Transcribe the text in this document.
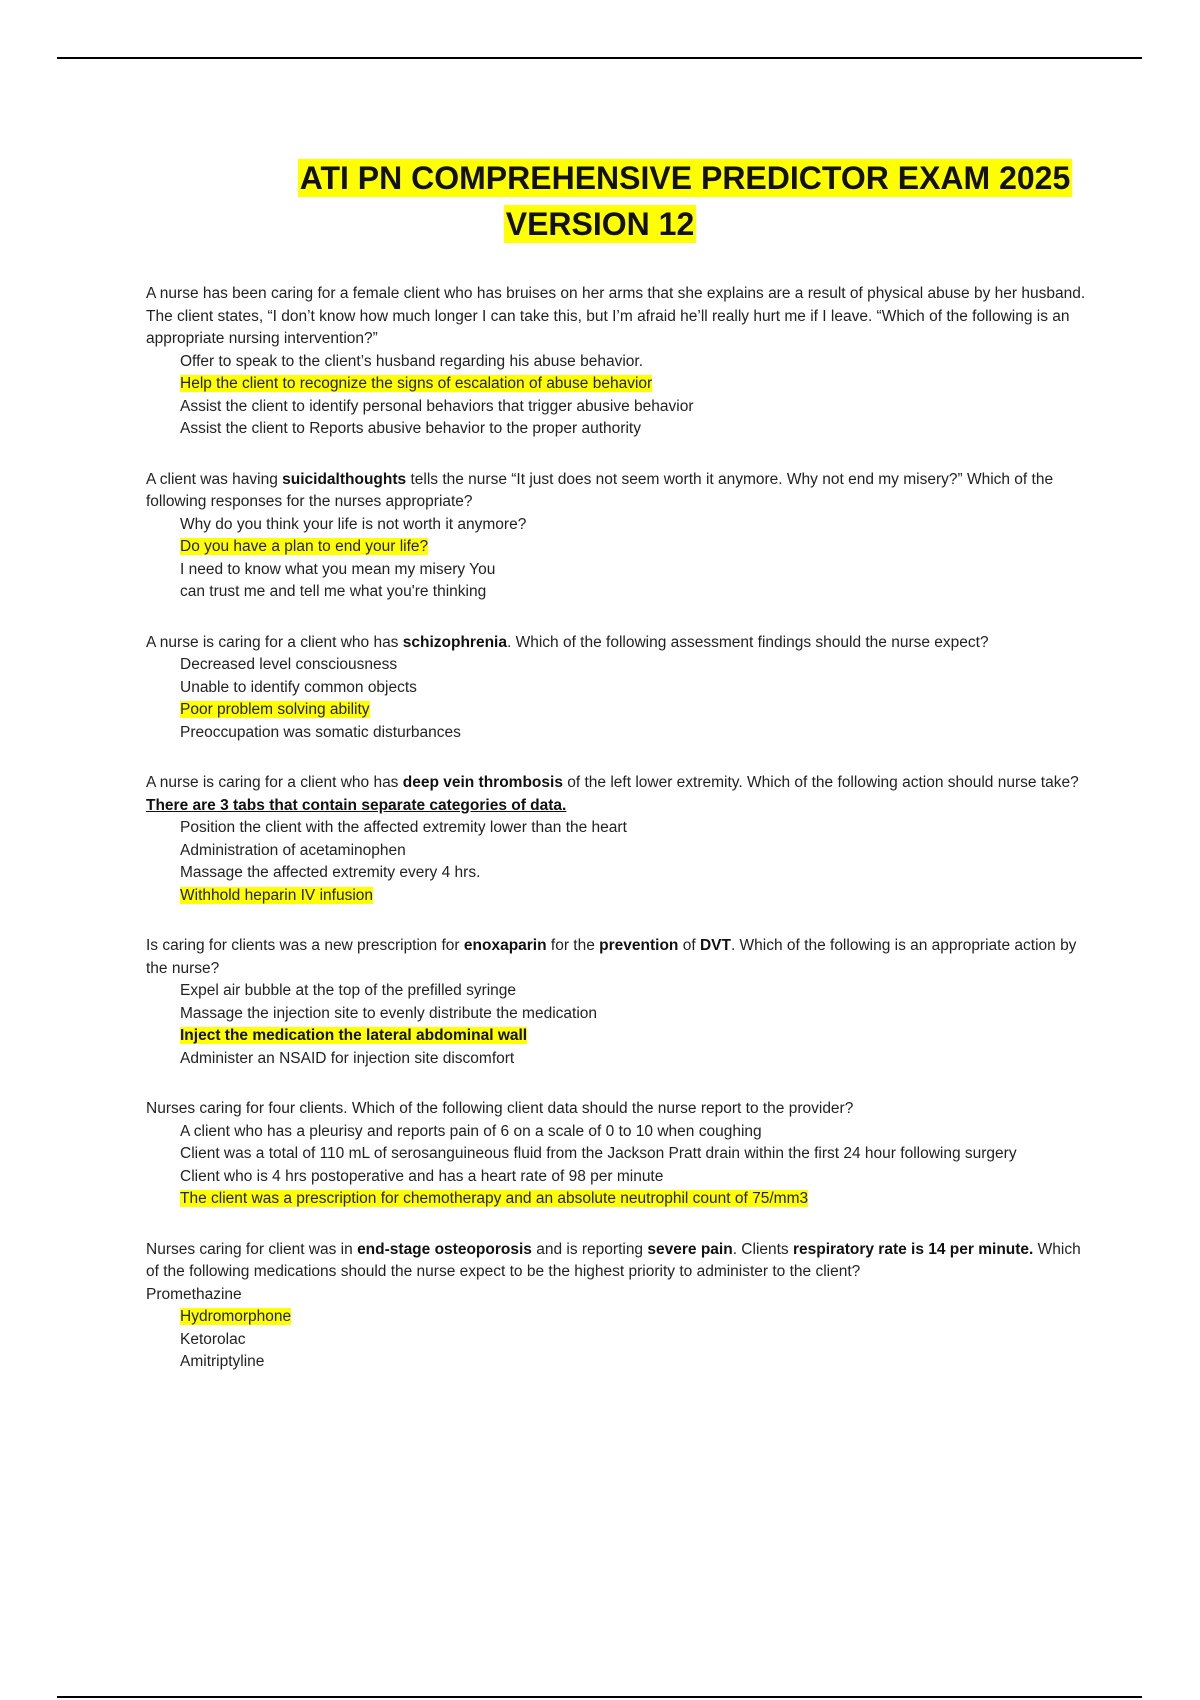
ATI PN COMPREHENSIVE PREDICTOR EXAM 2025
VERSION 12
A nurse has been caring for a female client who has bruises on her arms that she explains are a result of physical abuse by her husband. The client states, “I don’t know how much longer I can take this, but I’m afraid he’ll really hurt me if I leave. “Which of the following is an appropriate nursing intervention?”
Offer to speak to the client’s husband regarding his abuse behavior.
Help the client to recognize the signs of escalation of abuse behavior
Assist the client to identify personal behaviors that trigger abusive behavior
Assist the client to Reports abusive behavior to the proper authority
A client was having suicidalthoughts tells the nurse “It just does not seem worth it anymore. Why not end my misery?” Which of the following responses for the nurses appropriate?
Why do you think your life is not worth it anymore?
Do you have a plan to end your life?
I need to know what you mean my misery You
can trust me and tell me what you're thinking
A nurse is caring for a client who has schizophrenia. Which of the following assessment findings should the nurse expect?
Decreased level consciousness
Unable to identify common objects
Poor problem solving ability
Preoccupation was somatic disturbances
A nurse is caring for a client who has deep vein thrombosis of the left lower extremity. Which of the following action should nurse take? There are 3 tabs that contain separate categories of data.
Position the client with the affected extremity lower than the heart
Administration of acetaminophen
Massage the affected extremity every 4 hrs.
Withhold heparin IV infusion
Is caring for clients was a new prescription for enoxaparin for the prevention of DVT. Which of the following is an appropriate action by the nurse?
Expel air bubble at the top of the prefilled syringe
Massage the injection site to evenly distribute the medication
Inject the medication the lateral abdominal wall
Administer an NSAID for injection site discomfort
Nurses caring for four clients. Which of the following client data should the nurse report to the provider?
A client who has a pleurisy and reports pain of 6 on a scale of 0 to 10 when coughing
Client was a total of 110 mL of serosanguineous fluid from the Jackson Pratt drain within the first 24 hour following surgery
Client who is 4 hrs postoperative and has a heart rate of 98 per minute
The client was a prescription for chemotherapy and an absolute neutrophil count of 75/mm3
Nurses caring for client was in end-stage osteoporosis and is reporting severe pain. Clients respiratory rate is 14 per minute. Which of the following medications should the nurse expect to be the highest priority to administer to the client?
Promethazine
Hydromorphone
Ketorolac
Amitriptyline
